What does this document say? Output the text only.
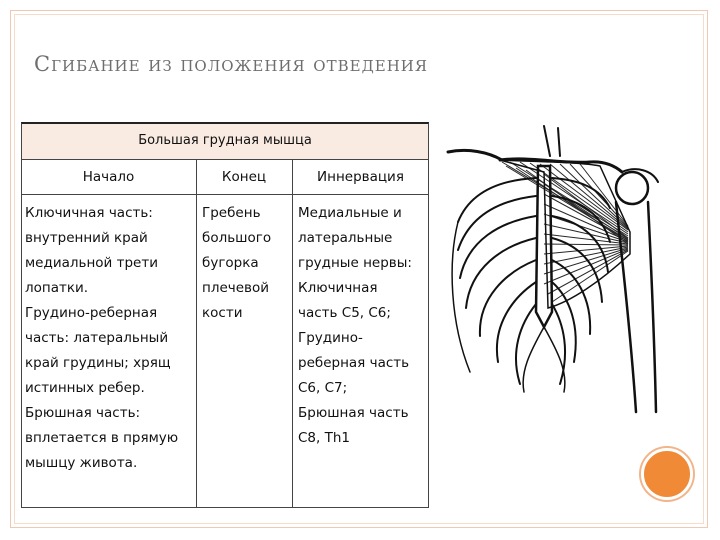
Сгибание из положения отведения
Большая грудная мышца
Начало	Конец	Иннервация
Ключичная часть:
внутренний край
медиальной трети
лопатки.
Грудино-реберная
часть: латеральный
край грудины; хрящ
истинных ребер.
Брюшная часть:
вплетается в прямую
мышцу живота.
Гребень
большого
бугорка
плечевой
кости
Медиальные и
латеральные
грудные нервы:
Ключичная
часть C5, C6;
Грудино-
реберная часть
C6, C7;
Брюшная часть
C8, Th1
